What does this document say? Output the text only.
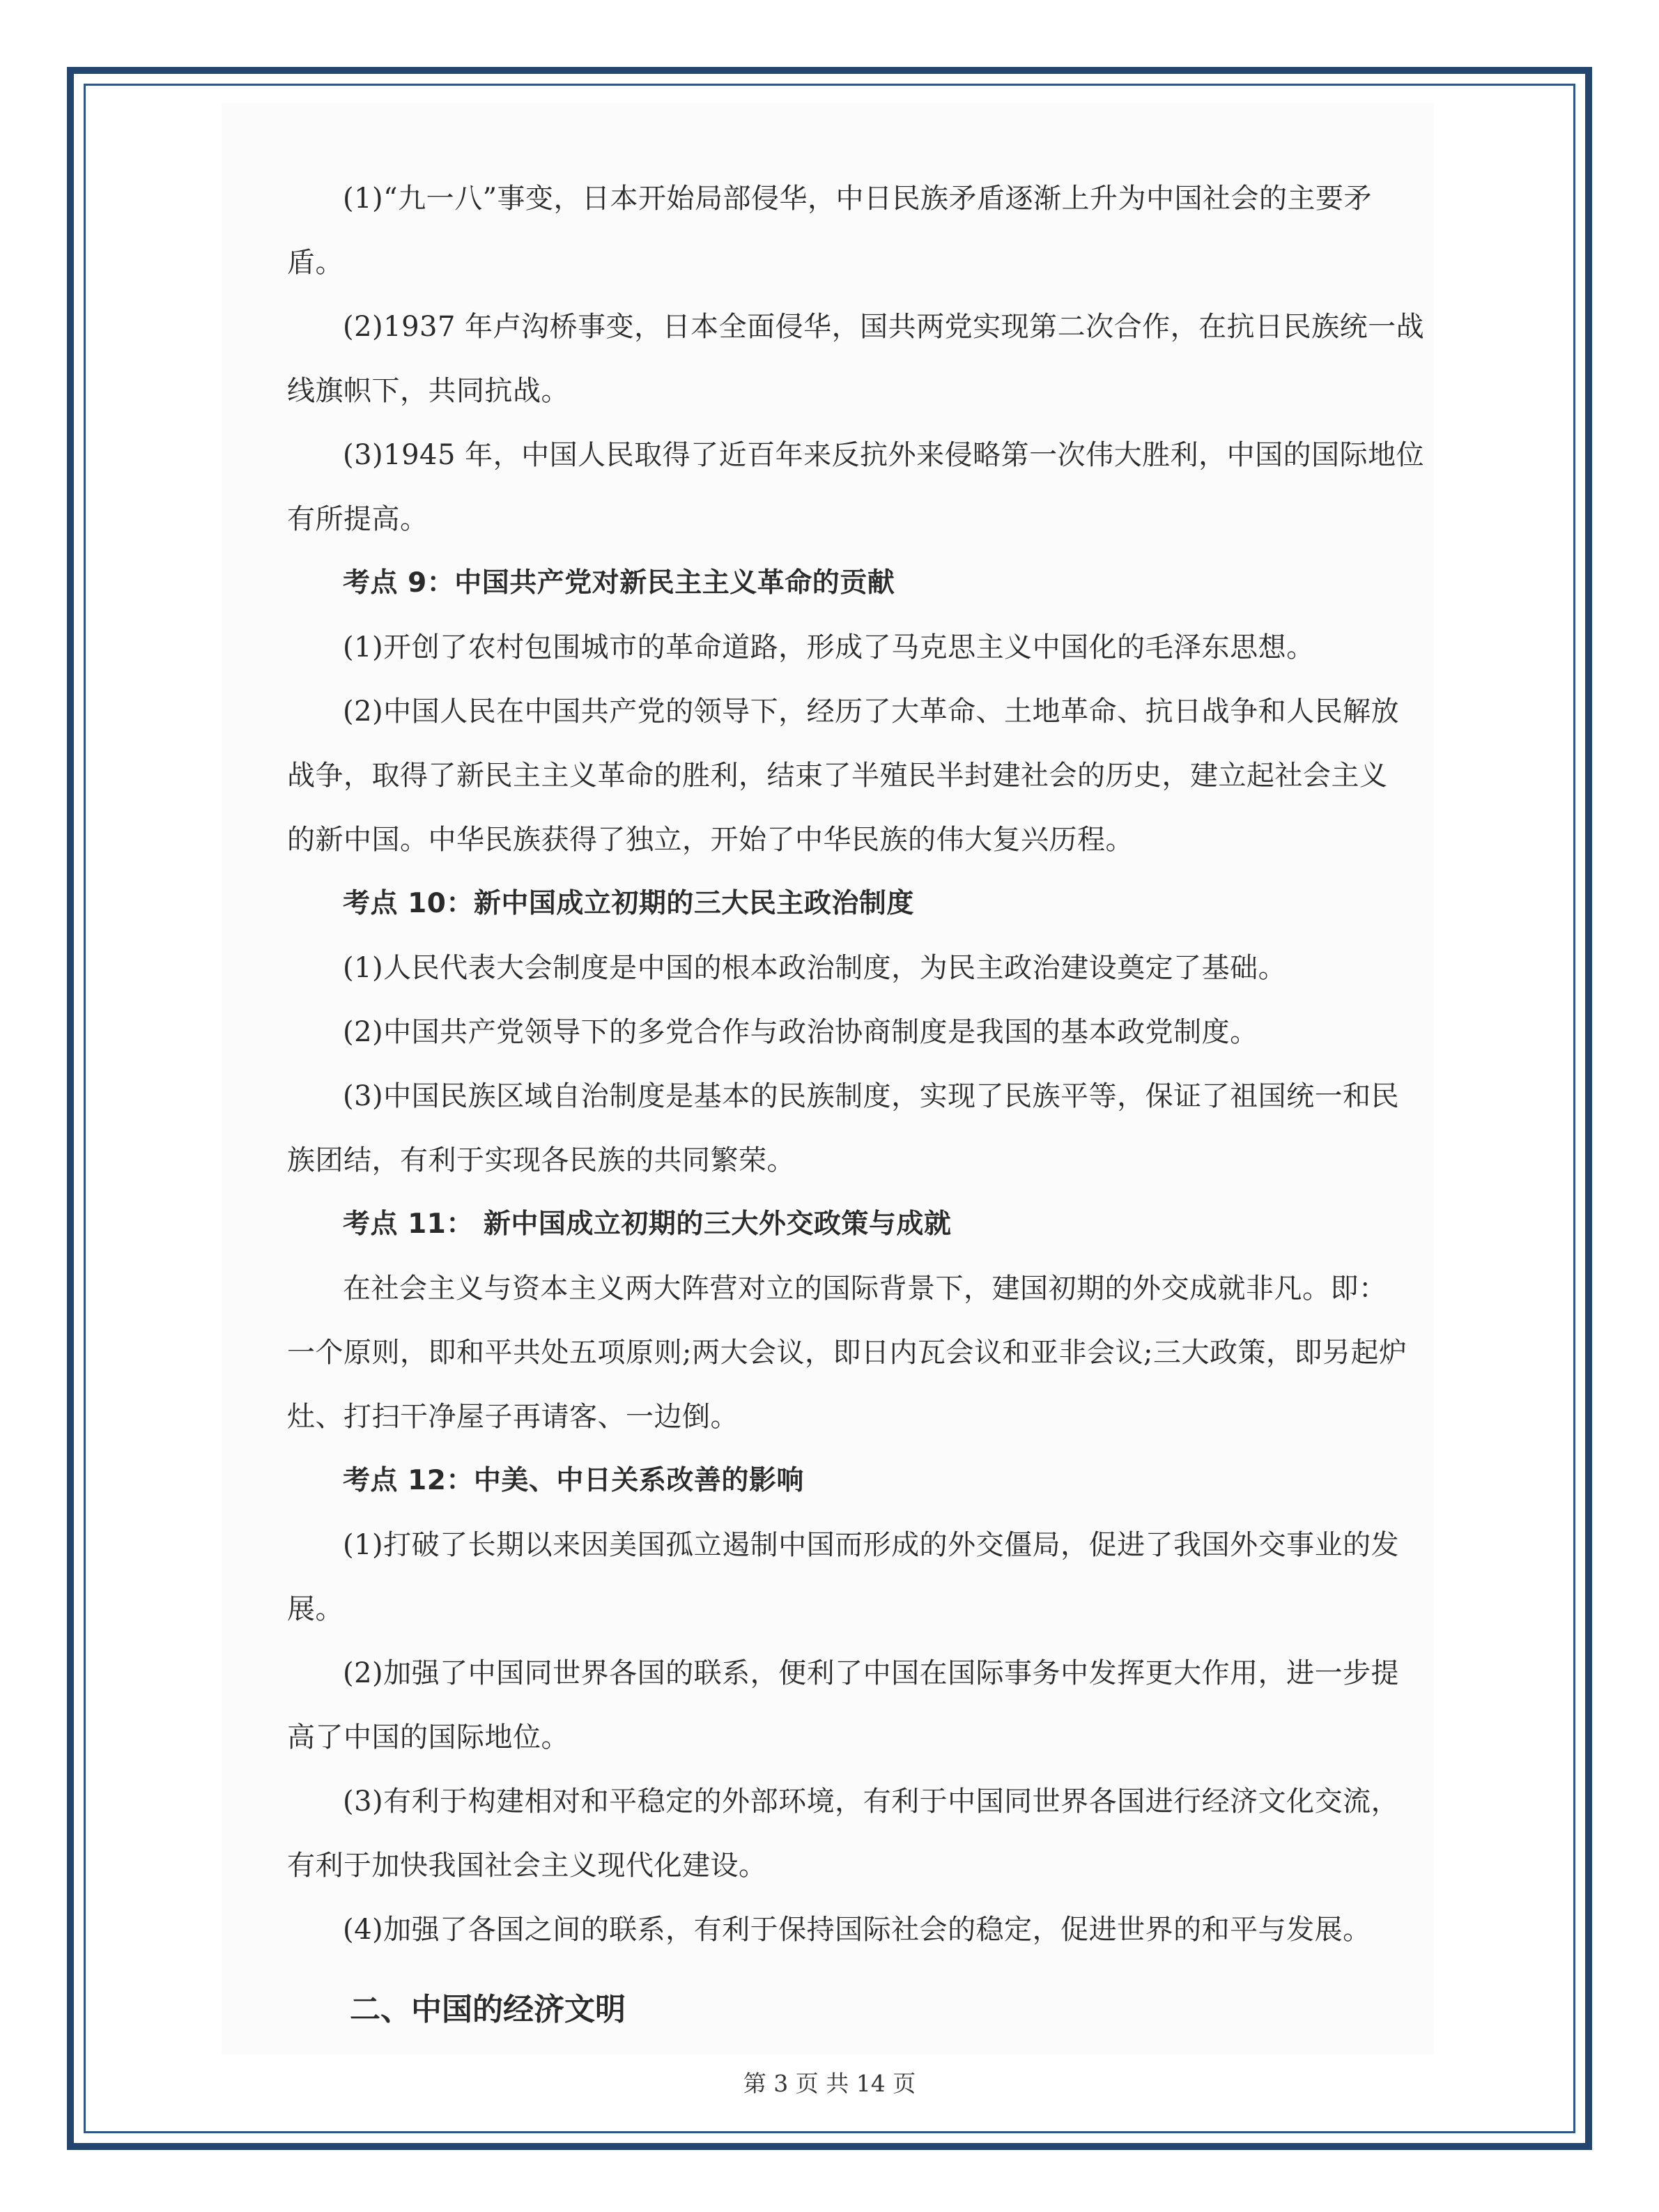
(1)“九一八”事变，日本开始局部侵华，中日民族矛盾逐渐上升为中国社会的主要矛
盾。
(2)1937 年卢沟桥事变，日本全面侵华，国共两党实现第二次合作，在抗日民族统一战
线旗帜下，共同抗战。
(3)1945 年，中国人民取得了近百年来反抗外来侵略第一次伟大胜利，中国的国际地位
有所提高。
考点 9：中国共产党对新民主主义革命的贡献
(1)开创了农村包围城市的革命道路，形成了马克思主义中国化的毛泽东思想。
(2)中国人民在中国共产党的领导下，经历了大革命、土地革命、抗日战争和人民解放
战争，取得了新民主主义革命的胜利，结束了半殖民半封建社会的历史，建立起社会主义
的新中国。中华民族获得了独立，开始了中华民族的伟大复兴历程。
考点 10：新中国成立初期的三大民主政治制度
(1)人民代表大会制度是中国的根本政治制度，为民主政治建设奠定了基础。
(2)中国共产党领导下的多党合作与政治协商制度是我国的基本政党制度。
(3)中国民族区域自治制度是基本的民族制度，实现了民族平等，保证了祖国统一和民
族团结，有利于实现各民族的共同繁荣。
考点 11： 新中国成立初期的三大外交政策与成就
在社会主义与资本主义两大阵营对立的国际背景下，建国初期的外交成就非凡。即：
一个原则，即和平共处五项原则;两大会议，即日内瓦会议和亚非会议;三大政策，即另起炉
灶、打扫干净屋子再请客、一边倒。
考点 12：中美、中日关系改善的影响
(1)打破了长期以来因美国孤立遏制中国而形成的外交僵局，促进了我国外交事业的发
展。
(2)加强了中国同世界各国的联系，便利了中国在国际事务中发挥更大作用，进一步提
高了中国的国际地位。
(3)有利于构建相对和平稳定的外部环境，有利于中国同世界各国进行经济文化交流，
有利于加快我国社会主义现代化建设。
(4)加强了各国之间的联系，有利于保持国际社会的稳定，促进世界的和平与发展。
二、中国的经济文明
第 3 页 共 14 页
